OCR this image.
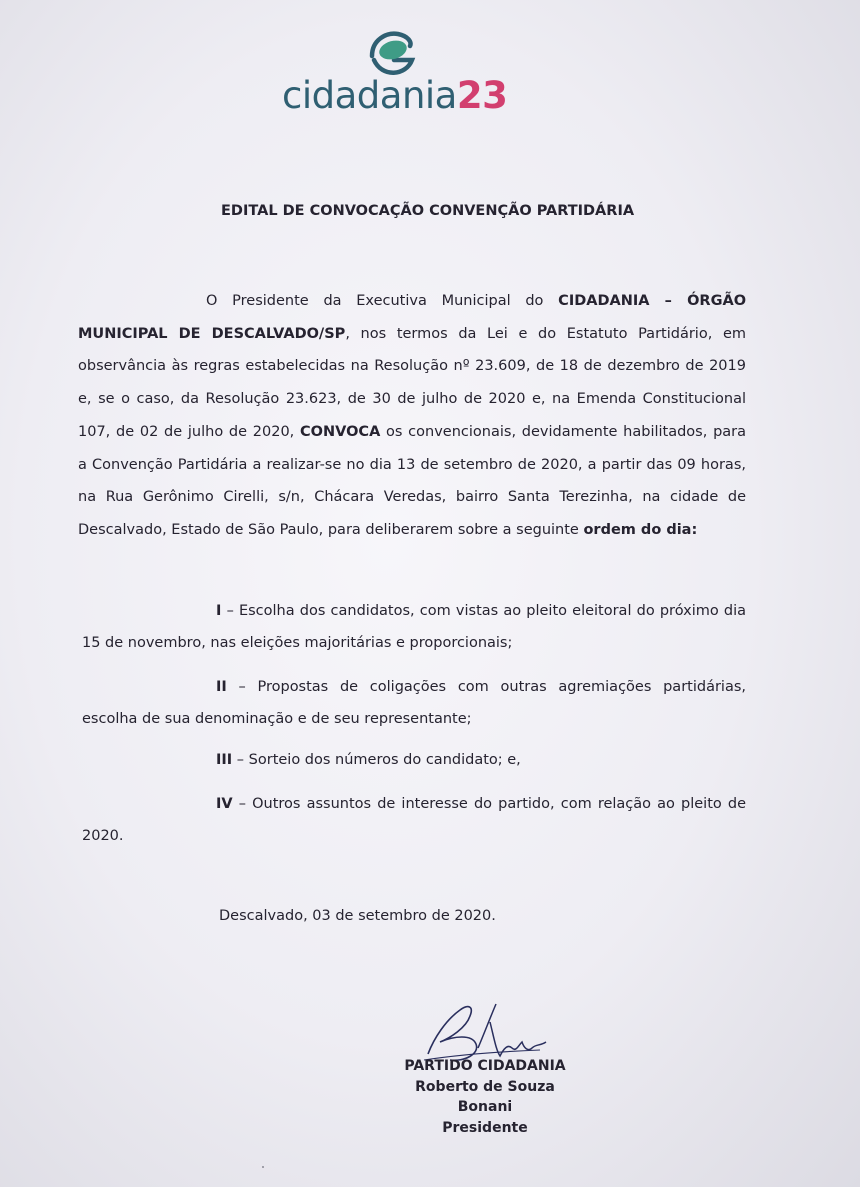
cidadania23
EDITAL DE CONVOCAÇÃO CONVENÇÃO PARTIDÁRIA
O Presidente da Executiva Municipal do CIDADANIA – ÓRGÃO MUNICIPAL DE DESCALVADO/SP, nos termos da Lei e do Estatuto Partidário, em observância às regras estabelecidas na Resolução nº 23.609, de 18 de dezembro de 2019 e, se o caso, da Resolução 23.623, de 30 de julho de 2020 e, na Emenda Constitucional 107, de 02 de julho de 2020, CONVOCA os convencionais, devidamente habilitados, para a Convenção Partidária a realizar-se no dia 13 de setembro de 2020, a partir das 09 horas, na Rua Gerônimo Cirelli, s/n, Chácara Veredas, bairro Santa Terezinha, na cidade de Descalvado, Estado de São Paulo, para deliberarem sobre a seguinte ordem do dia:
I – Escolha dos candidatos, com vistas ao pleito eleitoral do próximo dia 15 de novembro, nas eleições majoritárias e proporcionais;
II – Propostas de coligações com outras agremiações partidárias, escolha de sua denominação e de seu representante;
III – Sorteio dos números do candidato; e,
IV – Outros assuntos de interesse do partido, com relação ao pleito de 2020.
Descalvado, 03 de setembro de 2020.
PARTIDO CIDADANIA
Roberto de Souza Bonani
Presidente
